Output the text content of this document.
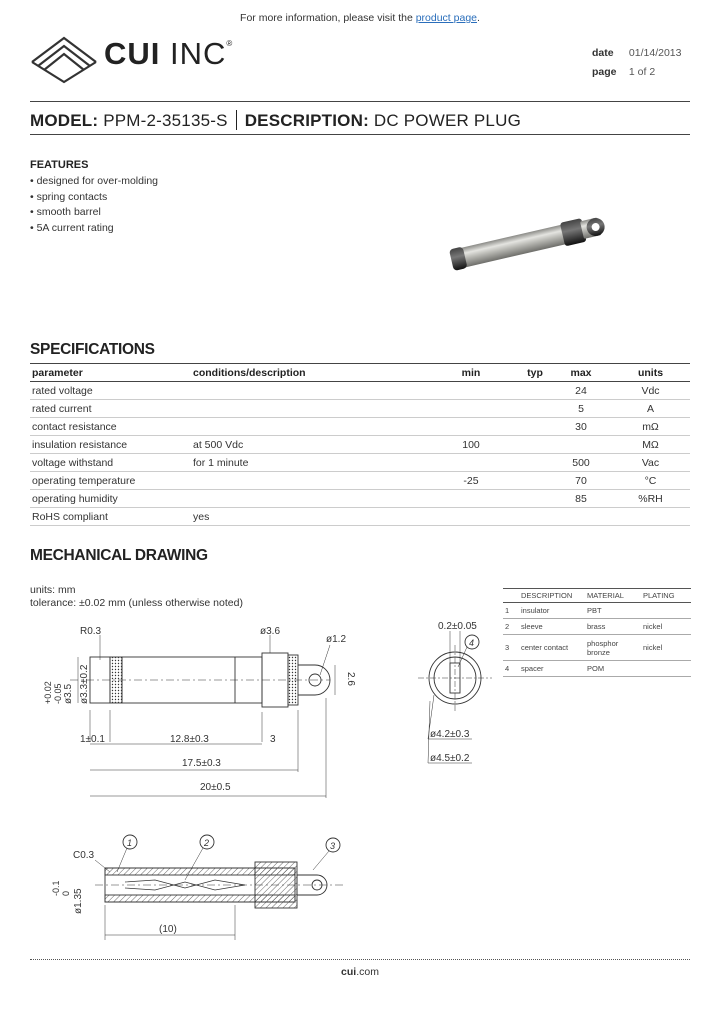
For more information, please visit the product page.
CUI INC®
date 01/14/2013
page 1 of 2
MODEL: PPM-2-35135-S DESCRIPTION: DC POWER PLUG
FEATURES
• designed for over-molding
• spring contacts
• smooth barrel
• 5A current rating
SPECIFICATIONS
parameter	conditions/description	min	typ	max	units
rated voltage				24	Vdc
rated current				5	A
contact resistance				30	mΩ
insulation resistance	at 500 Vdc	100			MΩ
voltage withstand	for 1 minute			500	Vac
operating temperature		-25		70	°C
operating humidity				85	%RH
RoHS compliant	yes				
MECHANICAL DRAWING
units: mm
tolerance: ±0.02 mm (unless otherwise noted)
	DESCRIPTION	MATERIAL	PLATING
1	insulator	PBT	
2	sleeve	brass	nickel
3	center contact	phosphor bronze	nickel
4	spacer	POM	
R0.3	ø3.6
ø1.2
2.6
+0.02 -0.05 ø3.5 ø3.3±0.2
1±0.1	12.8±0.3	3
17.5±0.3
20±0.5
0.2±0.05
4
ø4.2±0.3
ø4.5±0.2
C0.3
0
-0.1
ø1.35
(10)
1	2	3
cui.com
